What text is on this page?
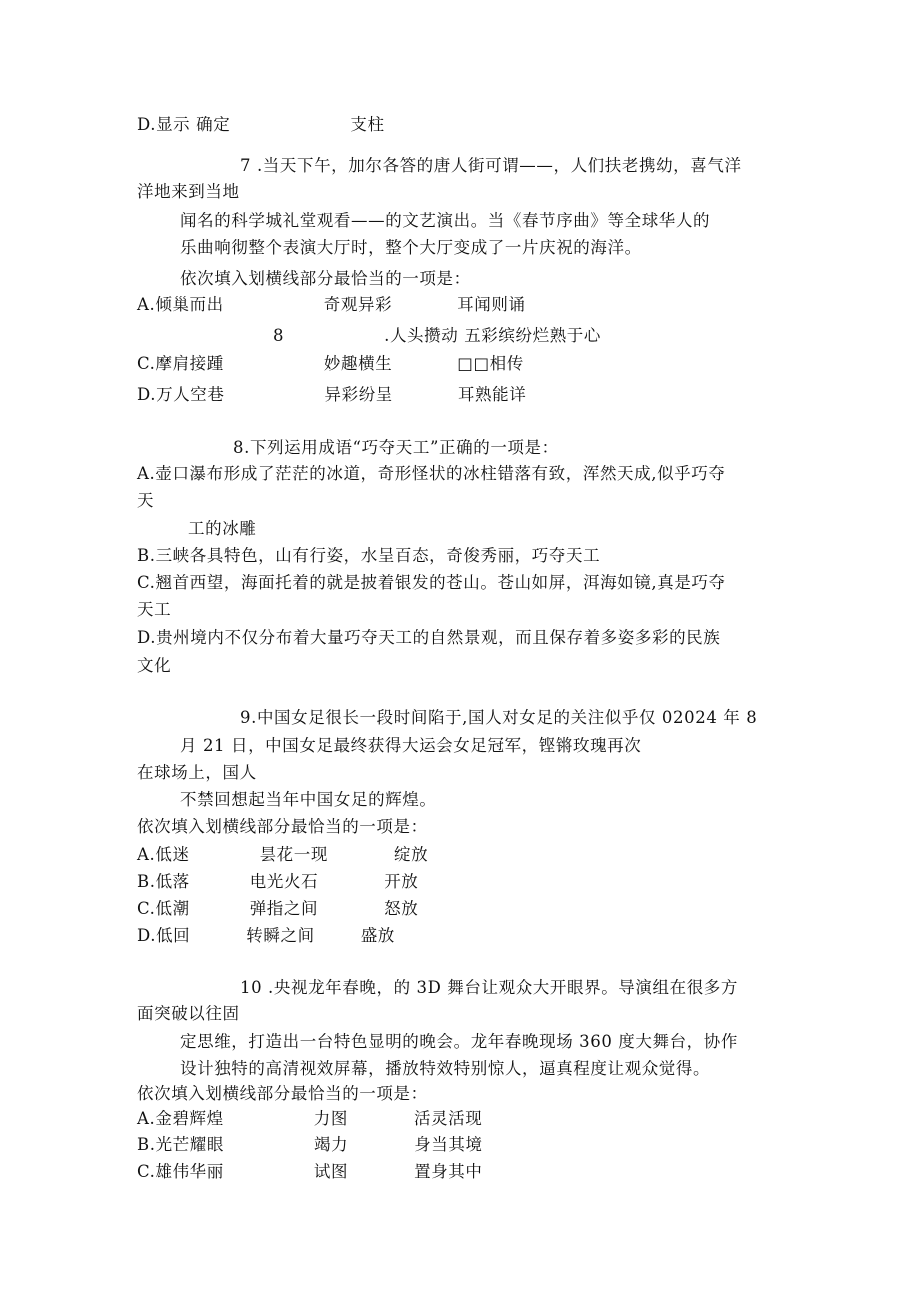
D.显示 确定	支柱
7 .当天下午，加尔各答的唐人街可谓——，人们扶老携幼，喜气洋
洋地来到当地
闻名的科学城礼堂观看——的文艺演出。当《春节序曲》等全球华人的
乐曲响彻整个表演大厅时，整个大厅变成了一片庆祝的海洋。
依次填入划横线部分最恰当的一项是：
A.倾巢而出	奇观异彩	耳闻则诵
8	.人头攒动 五彩缤纷烂熟于心
C.摩肩接踵	妙趣横生	□□相传
D.万人空巷	异彩纷呈	耳熟能详
8.下列运用成语“巧夺天工”正确的一项是：
A.壶口瀑布形成了茫茫的冰道，奇形怪状的冰柱错落有致，浑然天成,似乎巧夺
天
工的冰雕
B.三峡各具特色，山有行姿，水呈百态，奇俊秀丽，巧夺天工
C.翘首西望，海面托着的就是披着银发的苍山。苍山如屏，洱海如镜,真是巧夺
天工
D.贵州境内不仅分布着大量巧夺天工的自然景观，而且保存着多姿多彩的民族
文化
9.中国女足很长一段时间陷于,国人对女足的关注似乎仅 02024 年 8
月 21 日，中国女足最终获得大运会女足冠军，铿锵玫瑰再次
在球场上，国人
不禁回想起当年中国女足的辉煌。
依次填入划横线部分最恰当的一项是：
A.低迷	昙花一现	绽放
B.低落	电光火石	开放
C.低潮	弹指之间	怒放
D.低回	转瞬之间	盛放
10 .央视龙年春晚，的 3D 舞台让观众大开眼界。导演组在很多方
面突破以往固
定思维，打造出一台特色显明的晚会。龙年春晚现场 360 度大舞台，协作
设计独特的高清视效屏幕，播放特效特别惊人，逼真程度让观众觉得。
依次填入划横线部分最恰当的一项是：
A.金碧辉煌	力图	活灵活现
B.光芒耀眼	竭力	身当其境
C.雄伟华丽	试图	置身其中
